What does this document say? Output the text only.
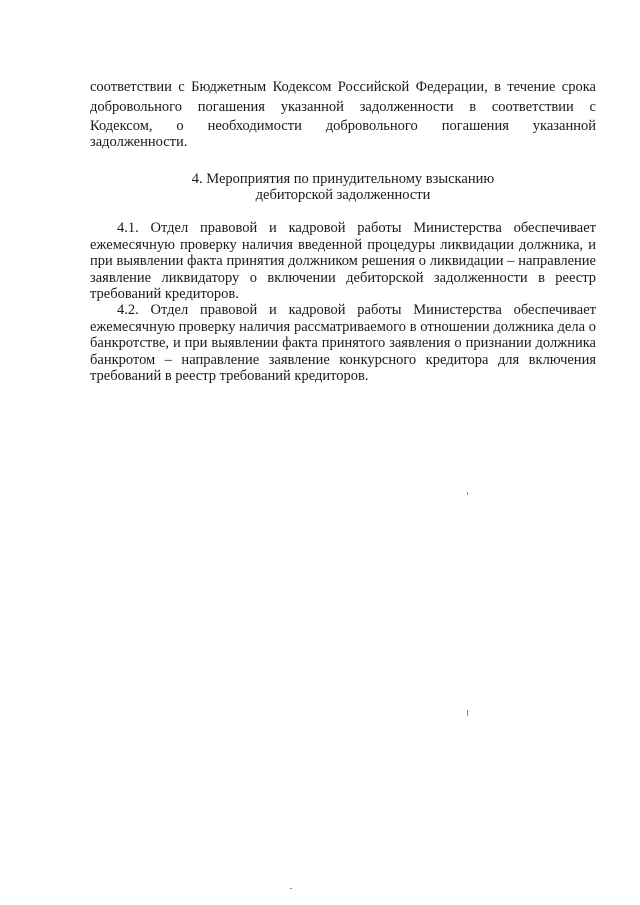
соответствии с Бюджетным Кодексом Российской Федерации, в течение срока
добровольного погашения указанной задолженности в соответствии с
Кодексом, о необходимости добровольного погашения указанной
задолженности.
4. Мероприятия по принудительному взысканию
дебиторской задолженности
4.1. Отдел правовой и кадровой работы Министерства обеспечивает
ежемесячную проверку наличия введенной процедуры ликвидации должника, и
при выявлении факта принятия должником решения о ликвидации – направление
заявление ликвидатору о включении дебиторской задолженности в реестр
требований кредиторов.
4.2. Отдел правовой и кадровой работы Министерства обеспечивает
ежемесячную проверку наличия рассматриваемого в отношении должника дела о
банкротстве, и при выявлении факта принятого заявления о признании должника
банкротом – направление заявление конкурсного кредитора для включения
требований в реестр требований кредиторов.
